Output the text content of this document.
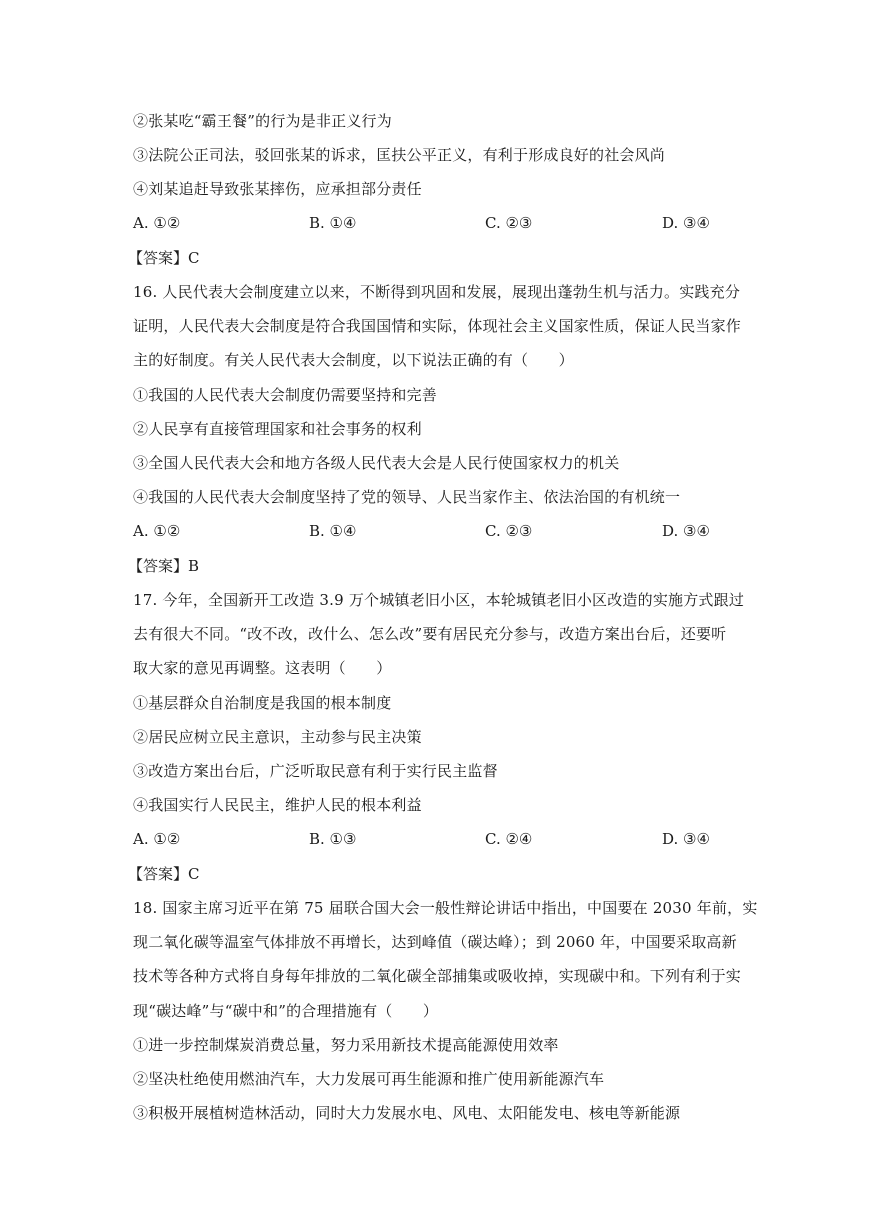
②张某吃“霸王餐”的行为是非正义行为
③法院公正司法，驳回张某的诉求，匡扶公平正义，有利于形成良好的社会风尚
④刘某追赶导致张某摔伤，应承担部分责任
A. ①②	B. ①④	C. ②③	D. ③④
【答案】C
16. 人民代表大会制度建立以来，不断得到巩固和发展，展现出蓬勃生机与活力。实践充分
证明，人民代表大会制度是符合我国国情和实际，体现社会主义国家性质，保证人民当家作
主的好制度。有关人民代表大会制度，以下说法正确的有（　　）
①我国的人民代表大会制度仍需要坚持和完善
②人民享有直接管理国家和社会事务的权利
③全国人民代表大会和地方各级人民代表大会是人民行使国家权力的机关
④我国的人民代表大会制度坚持了党的领导、人民当家作主、依法治国的有机统一
A. ①②	B. ①④	C. ②③	D. ③④
【答案】B
17. 今年，全国新开工改造 3.9 万个城镇老旧小区，本轮城镇老旧小区改造的实施方式跟过
去有很大不同。“改不改，改什么、怎么改”要有居民充分参与，改造方案出台后，还要听
取大家的意见再调整。这表明（　　）
①基层群众自治制度是我国的根本制度
②居民应树立民主意识，主动参与民主决策
③改造方案出台后，广泛听取民意有利于实行民主监督
④我国实行人民民主，维护人民的根本利益
A. ①②	B. ①③	C. ②④	D. ③④
【答案】C
18. 国家主席习近平在第 75 届联合国大会一般性辩论讲话中指出，中国要在 2030 年前，实
现二氧化碳等温室气体排放不再增长，达到峰值（碳达峰）；到 2060 年，中国要采取高新
技术等各种方式将自身每年排放的二氧化碳全部捕集或吸收掉，实现碳中和。下列有利于实
现“碳达峰”与“碳中和”的合理措施有（　　）
①进一步控制煤炭消费总量，努力采用新技术提高能源使用效率
②坚决杜绝使用燃油汽车，大力发展可再生能源和推广使用新能源汽车
③积极开展植树造林活动，同时大力发展水电、风电、太阳能发电、核电等新能源
